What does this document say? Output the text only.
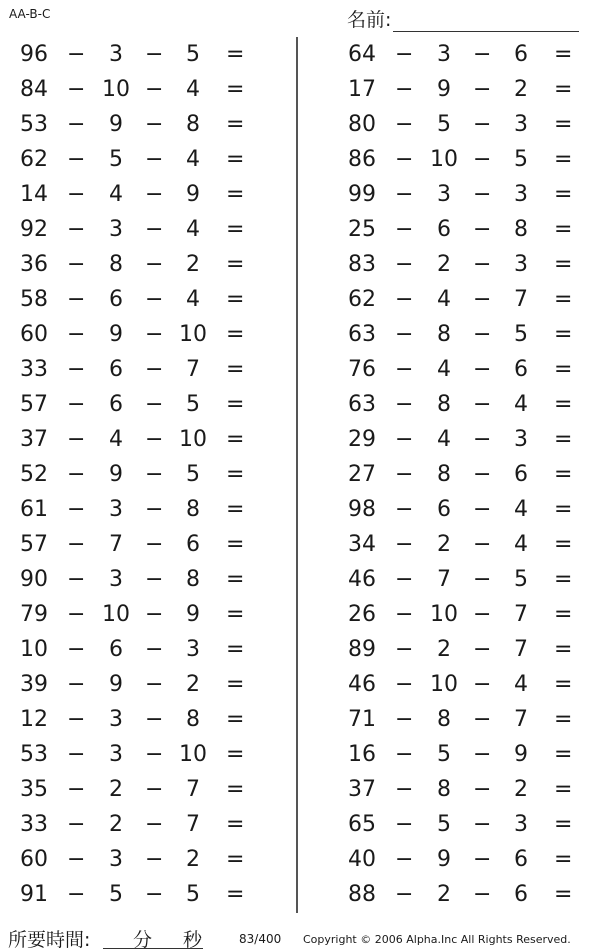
AA-B-C	名前:
96 −	3	−	5	=
84 − 10 −	4	=
53 −	9	−	8	=
62 −	5	−	4	=
14 −	4	−	9	=
92 −	3	−	4	=
36 −	8	−	2	=
58 −	6	−	4	=
60 −	9	− 10 =
33 −	6	−	7	=
57 −	6	−	5	=
37 −	4	− 10 =
52 −	9	−	5	=
61 −	3	−	8	=
57 −	7	−	6	=
90 −	3	−	8	=
79 − 10 −	9	=
10 −	6	−	3	=
39 −	9	−	2	=
12 −	3	−	8	=
53 −	3	− 10 =
35 −	2	−	7	=
33 −	2	−	7	=
60 −	3	−	2	=
91 −	5	−	5	=
64 −	3	−	6	=
17 −	9	−	2	=
80 −	5	−	3	=
86 − 10 −	5	=
99 −	3	−	3	=
25 −	6	−	8	=
83 −	2	−	3	=
62 −	4	−	7	=
63 −	8	−	5	=
76 −	4	−	6	=
63 −	8	−	4	=
29 −	4	−	3	=
27 −	8	−	6	=
98 −	6	−	4	=
34 −	2	−	4	=
46 −	7	−	5	=
26 − 10 −	7	=
89 −	2	−	7	=
46 − 10 −	4	=
71 −	8	−	7	=
16 −	5	−	9	=
37 −	8	−	2	=
65 −	5	−	3	=
40 −	9	−	6	=
88 −	2	−	6	=
所要時間: 分 秒	83/400 Copyright © 2006 Alpha.Inc All Rights Reserved.
